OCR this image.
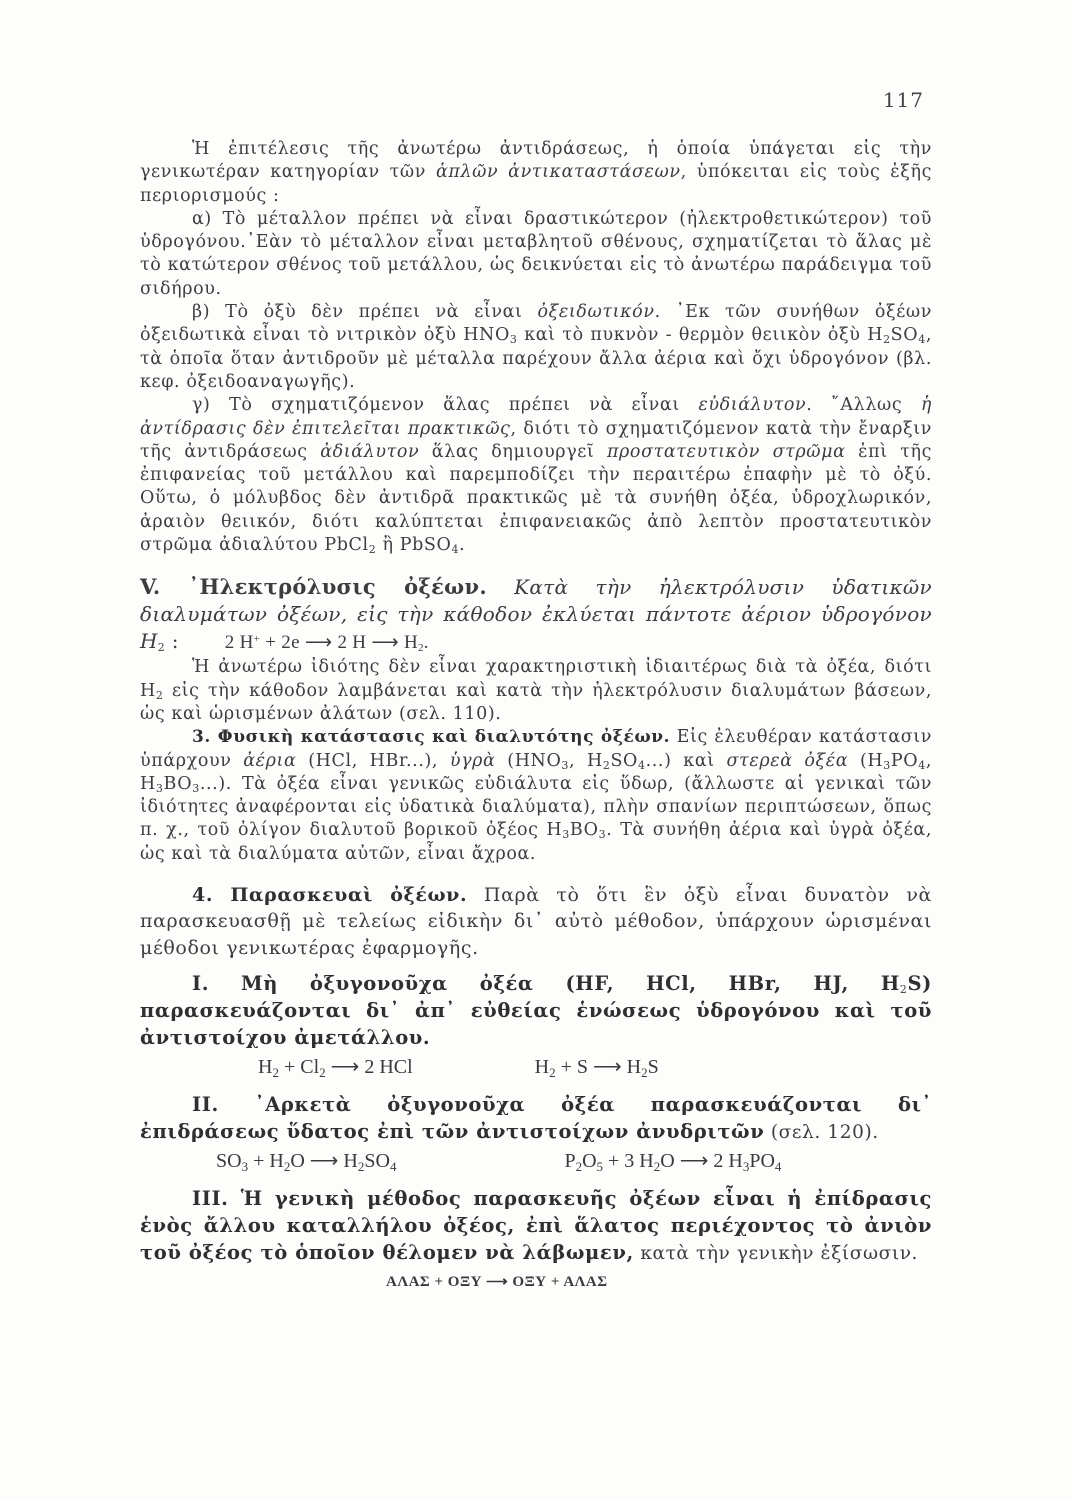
117

Ἡ ἐπιτέλεσις τῆς ἀνωτέρω ἀντιδράσεως, ἡ ὁποία ὑπάγεται εἰς τὴν γενικωτέραν κατηγορίαν τῶν ἁπλῶν ἀντικαταστάσεων, ὑπόκειται εἰς τοὺς ἑξῆς περιορισμούς :

α) Τὸ μέταλλον πρέπει νὰ εἶναι δραστικώτερον (ἠλεκτροθετικώτερον) τοῦ ὑδρογόνου.᾿Εὰν τὸ μέταλλον εἶναι μεταβλητοῦ σθένους, σχηματίζεται τὸ ἅλας μὲ τὸ κατώτερον σθένος τοῦ μετάλλου, ὡς δεικνύεται εἰς τὸ ἀνωτέρω παράδειγμα τοῦ σιδήρου.

β) Τὸ ὀξὺ δὲν πρέπει νὰ εἶναι ὀξειδωτικόν. ᾿Εκ τῶν συνήθων ὀξέων ὀξειδωτικὰ εἶναι τὸ νιτρικὸν ὀξὺ $HNO_3$ καὶ τὸ πυκνὸν - θερμὸν θειικὸν ὀξὺ $H_2SO_4$, τὰ ὁποῖα ὅταν ἀντιδροῦν μὲ μέταλλα παρέχουν ἄλλα ἀέρια καὶ ὄχι ὑδρογόνον (βλ. κεφ. ὀξειδοαναγωγῆς).

γ) Τὸ σχηματιζόμενον ἅλας πρέπει νὰ εἶναι εὐδιάλυτον. ῎Αλλως ἡ ἀντίδρασις δὲν ἐπιτελεῖται πρακτικῶς, διότι τὸ σχηματιζόμενον κατὰ τὴν ἔναρξιν τῆς ἀντιδράσεως ἀδιάλυτον ἅλας δημιουργεῖ προστατευτικὸν στρῶμα ἐπὶ τῆς ἐπιφανείας τοῦ μετάλλου καὶ παρεμποδίζει τὴν περαιτέρω ἐπαφὴν μὲ τὸ ὀξύ. Οὕτω, ὁ μόλυβδος δὲν ἀντιδρᾶ πρακτικῶς μὲ τὰ συνήθη ὀξέα, ὑδροχλωρικόν, ἀραιὸν θειικόν, διότι καλύπτεται ἐπιφανειακῶς ἀπὸ λεπτὸν προστατευτικὸν στρῶμα ἀδιαλύτου PbCl$_2$ ἢ PbSO$_4$.

V. ᾿Ηλεκτρόλυσις ὀξέων. Κατὰ τὴν ἠλεκτρόλυσιν ὑδατικῶν διαλυμάτων ὀξέων, εἰς τὴν κάθοδον ἐκλύεται πάντοτε ἀέριον ὑδρογόνον $H_2$ : 2 H+ + 2e ⟶ 2 H ⟶ $H_2$.

Ἡ ἀνωτέρω ἰδιότης δὲν εἶναι χαρακτηριστικὴ ἰδιαιτέρως διὰ τὰ ὀξέα, διότι $H_2$ εἰς τὴν κάθοδον λαμβάνεται καὶ κατὰ τὴν ἠλεκτρόλυσιν διαλυμάτων βάσεων, ὡς καὶ ὡρισμένων ἀλάτων (σελ. 110).

3. Φυσικὴ κατάστασις καὶ διαλυτότης ὀξέων. Εἰς ἐλευθέραν κατάστασιν ὑπάρχουν ἀέρια (HCl, HBr...), ὑγρὰ ($HNO_3$, $H_2SO_4$...) καὶ στερεὰ ὀξέα ($H_3PO_4$, $H_3BO_3$...). Τὰ ὀξέα εἶναι γενικῶς εὐδιάλυτα εἰς ὕδωρ, (ἄλλωστε αἱ γενικαὶ τῶν ἰδιότητες ἀναφέρονται εἰς ὑδατικὰ διαλύματα), πλὴν σπανίων περιπτώσεων, ὅπως π. χ., τοῦ ὀλίγον διαλυτοῦ βορικοῦ ὀξέος $H_3BO_3$. Τὰ συνήθη ἀέρια καὶ ὑγρὰ ὀξέα, ὡς καὶ τὰ διαλύματα αὐτῶν, εἶναι ἄχροα.

4. Παρασκευαὶ ὀξέων. Παρὰ τὸ ὅτι ἓν ὀξὺ εἶναι δυνατὸν νὰ παρασκευασθῇ μὲ τελείως εἰδικὴν δι᾿ αὐτὸ μέθοδον, ὑπάρχουν ὡρισμέναι μέθοδοι γενικωτέρας ἐφαρμογῆς.

I. Μὴ ὀξυγονοῦχα ὀξέα (HF, HCl, HBr, HJ, $H_2S$) παρασκευάζονται δι᾿ ἀπ᾿ εὐθείας ἑνώσεως ὑδρογόνου καὶ τοῦ ἀντιστοίχου ἀμετάλλου.

$H_2 + Cl_2$ ⟶ 2 HCl	$H_2 + S$ ⟶ $H_2S$

II. ᾿Αρκετὰ ὀξυγονοῦχα ὀξέα παρασκευάζονται δι᾿ ἐπιδράσεως ὕδατος ἐπὶ τῶν ἀντιστοίχων ἀνυδριτῶν (σελ. 120).

$SO_3 + H_2O$ ⟶ $H_2SO_4$	$P_2O_5 + 3$ $H_2O$ ⟶ 2 $H_3PO_4$

III. Ἡ γενικὴ μέθοδος παρασκευῆς ὀξέων εἶναι ἡ ἐπίδρασις ἑνὸς ἄλλου καταλλήλου ὀξέος, ἐπὶ ἅλατος περιέχοντος τὸ ἀνιὸν τοῦ ὀξέος τὸ ὁποῖον θέλομεν νὰ λάβωμεν, κατὰ τὴν γενικὴν ἐξίσωσιν.

ΑΛΑΣ + ΟΞΥ ⟶ ΟΞΥ + ΑΛΑΣ
